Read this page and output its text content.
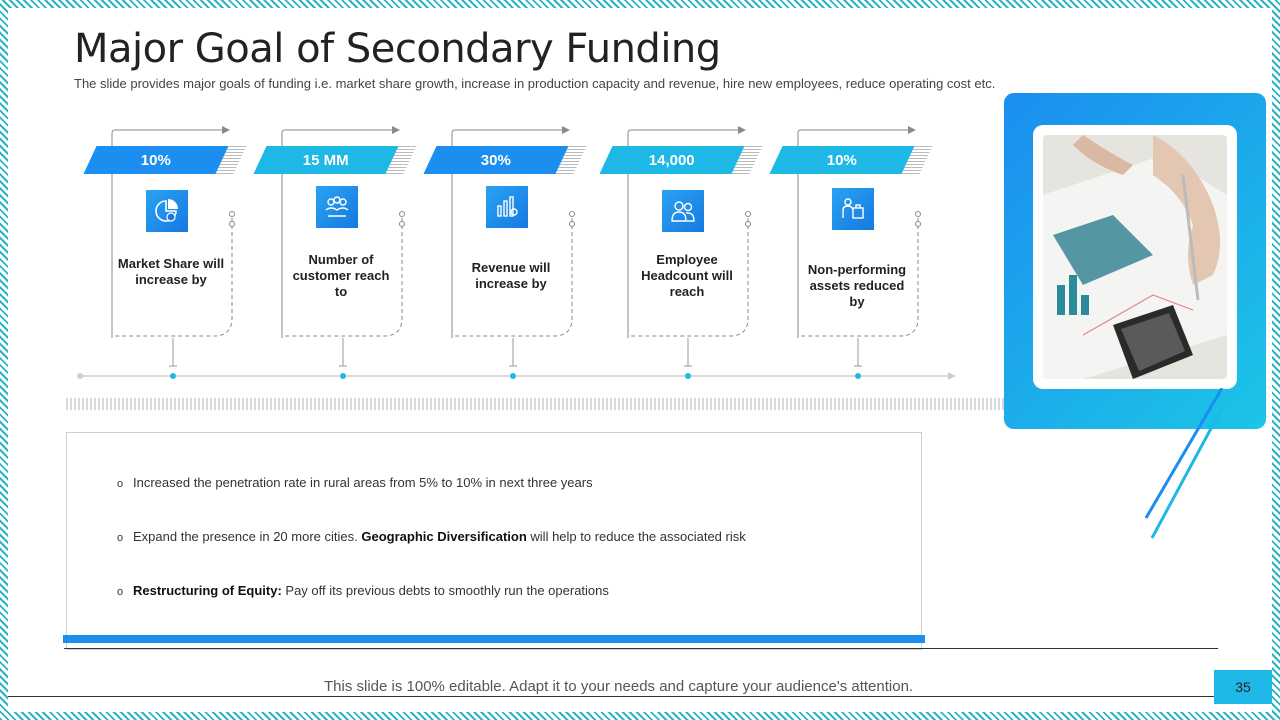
Major Goal of Secondary Funding
The slide provides major goals of funding i.e. market share growth, increase in production capacity and revenue, hire new employees, reduce operating cost etc.
10%
Market Share will increase by
15 MM
Number of customer reach to
30%
Revenue will increase by
14,000
Employee Headcount will reach
10%
Non-performing assets reduced by
o Increased the penetration rate in rural areas from 5% to 10% in next three years
o Expand the presence in 20 more cities. Geographic Diversification will help to reduce the associated risk
o Restructuring of Equity: Pay off its previous debts to smoothly run the operations
This slide is 100% editable. Adapt it to your needs and capture your audience's attention.	35
